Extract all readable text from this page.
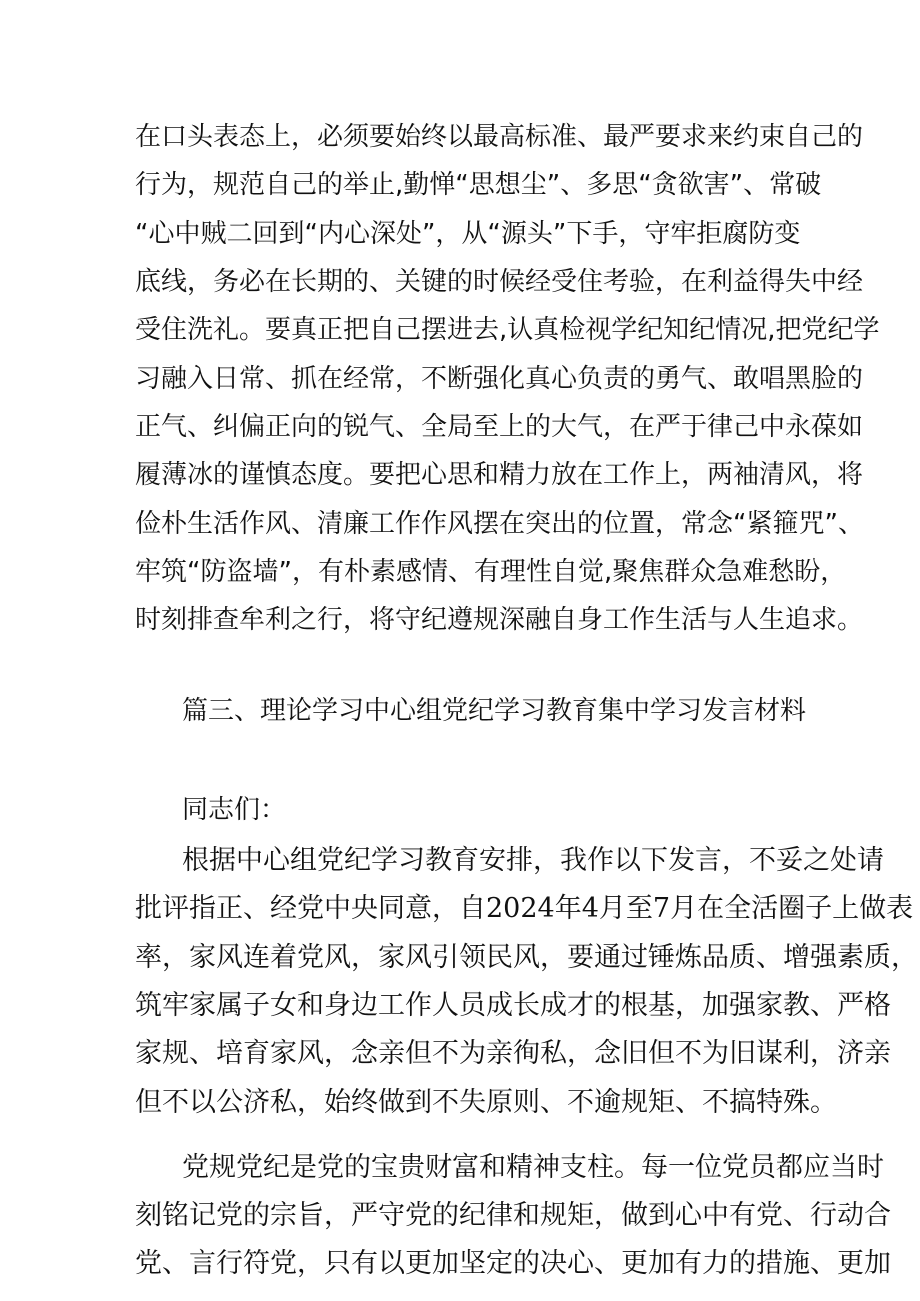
在口头表态上，必须要始终以最高标准、最严要求来约束自己的
行为，规范自己的举止,勤惮“思想尘”、多思“贪欲害”、常破
“心中贼二回到“内心深处”，从“源头”下手，守牢拒腐防变
底线，务必在长期的、关键的时候经受住考验，在利益得失中经
受住洗礼。要真正把自己摆进去,认真检视学纪知纪情况,把党纪学
习融入日常、抓在经常，不断强化真心负责的勇气、敢唱黑脸的
正气、纠偏正向的锐气、全局至上的大气，在严于律己中永葆如
履薄冰的谨慎态度。要把心思和精力放在工作上，两袖清风，将
俭朴生活作风、清廉工作作风摆在突出的位置，常念“紧箍咒”、
牢筑“防盗墙”，有朴素感情、有理性自觉,聚焦群众急难愁盼，
时刻排查牟利之行，将守纪遵规深融自身工作生活与人生追求。
篇三、理论学习中心组党纪学习教育集中学习发言材料
同志们：
根据中心组党纪学习教育安排，我作以下发言，不妥之处请
批评指正、经党中央同意，自2024年4月至7月在全活圈子上做表
率，家风连着党风，家风引领民风，要通过锤炼品质、增强素质，
筑牢家属子女和身边工作人员成长成才的根基，加强家教、严格
家规、培育家风，念亲但不为亲徇私，念旧但不为旧谋利，济亲
但不以公济私，始终做到不失原则、不逾规矩、不搞特殊。
党规党纪是党的宝贵财富和精神支柱。每一位党员都应当时
刻铭记党的宗旨，严守党的纪律和规矩，做到心中有党、行动合
党、言行符党，只有以更加坚定的决心、更加有力的措施、更加
